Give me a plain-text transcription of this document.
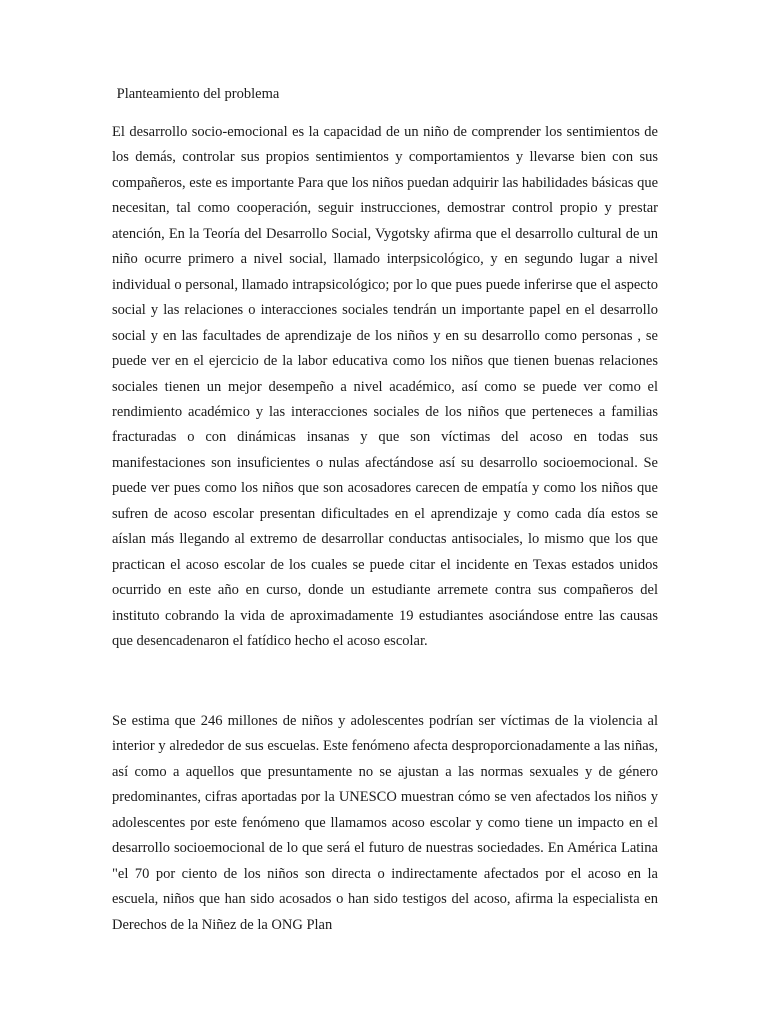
Planteamiento del problema

El desarrollo socio-emocional es la capacidad de un niño de comprender los sentimientos de los demás, controlar sus propios sentimientos y comportamientos y llevarse bien con sus compañeros, este es importante Para que los niños puedan adquirir las habilidades básicas que necesitan, tal como cooperación, seguir instrucciones, demostrar control propio y prestar atención, En la Teoría del Desarrollo Social, Vygotsky afirma que el desarrollo cultural de un niño ocurre primero a nivel social, llamado interpsicológico, y en segundo lugar a nivel individual o personal, llamado intrapsicológico; por lo que pues puede inferirse que el aspecto social y las relaciones o interacciones sociales tendrán un importante papel en el desarrollo social y en las facultades de aprendizaje de los niños y en su desarrollo como personas , se puede ver en el ejercicio de la labor educativa como los niños que tienen buenas relaciones sociales tienen un mejor desempeño a nivel académico, así como se puede ver como el rendimiento académico y las interacciones sociales de los niños que perteneces a familias fracturadas o con dinámicas insanas y que son víctimas del acoso en todas sus manifestaciones son insuficientes o nulas afectándose así su desarrollo socioemocional. Se puede ver pues como los niños que son acosadores carecen de empatía y como los niños que sufren de acoso escolar presentan dificultades en el aprendizaje y como cada día estos se aíslan más llegando al extremo de desarrollar conductas antisociales, lo mismo que los que practican el acoso escolar de los cuales se puede citar el incidente en Texas estados unidos ocurrido en este año en curso, donde un estudiante arremete contra sus compañeros del instituto cobrando la vida de aproximadamente 19 estudiantes asociándose entre las causas que desencadenaron el fatídico hecho el acoso escolar.

Se estima que 246 millones de niños y adolescentes podrían ser víctimas de la violencia al interior y alrededor de sus escuelas. Este fenómeno afecta desproporcionadamente a las niñas, así como a aquellos que presuntamente no se ajustan a las normas sexuales y de género predominantes, cifras aportadas por la UNESCO muestran cómo se ven afectados los niños y adolescentes por este fenómeno que llamamos acoso escolar y como tiene un impacto en el desarrollo socioemocional de lo que será el futuro de nuestras sociedades. En América Latina "el 70 por ciento de los niños son directa o indirectamente afectados por el acoso en la escuela, niños que han sido acosados o han sido testigos del acoso, afirma la especialista en Derechos de la Niñez de la ONG Plan
